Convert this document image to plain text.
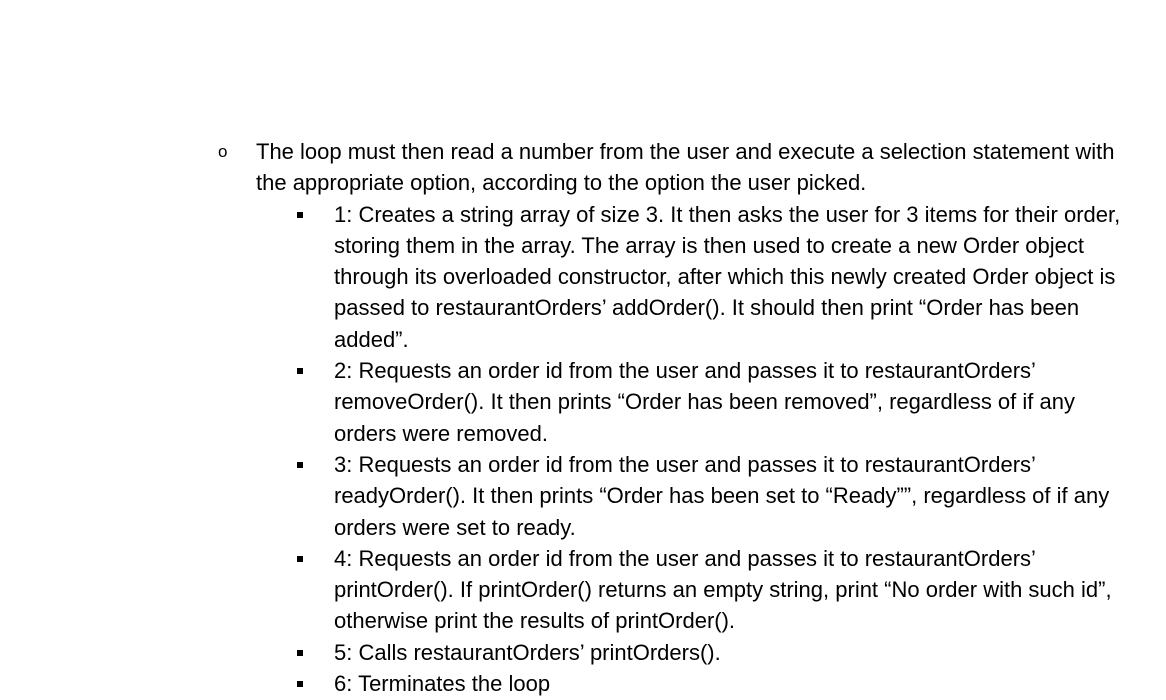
o The loop must then read a number from the user and execute a selection statement with the appropriate option, according to the option the user picked.
1: Creates a string array of size 3. It then asks the user for 3 items for their order, storing them in the array. The array is then used to create a new Order object through its overloaded constructor, after which this newly created Order object is passed to restaurantOrders’ addOrder(). It should then print “Order has been added”.
2: Requests an order id from the user and passes it to restaurantOrders’ removeOrder(). It then prints “Order has been removed”, regardless of if any orders were removed.
3: Requests an order id from the user and passes it to restaurantOrders’ readyOrder(). It then prints “Order has been set to “Ready””, regardless of if any orders were set to ready.
4: Requests an order id from the user and passes it to restaurantOrders’ printOrder(). If printOrder() returns an empty string, print “No order with such id”, otherwise print the results of printOrder().
5: Calls restaurantOrders’ printOrders().
6: Terminates the loop
